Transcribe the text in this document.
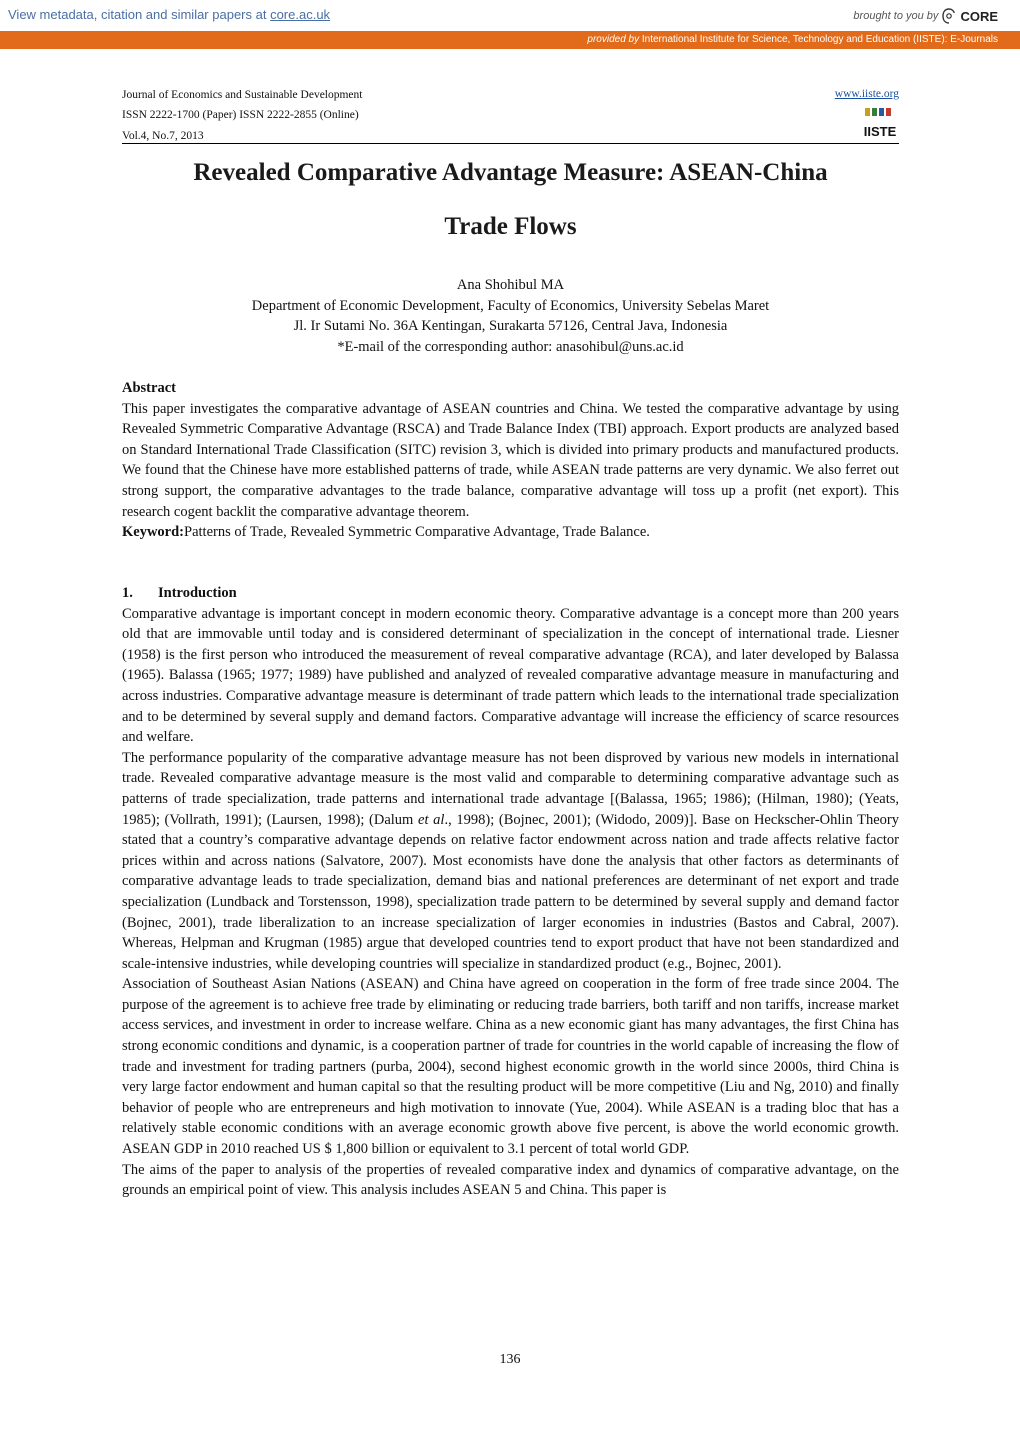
View metadata, citation and similar papers at core.ac.uk	brought to you by CORE
provided by International Institute for Science, Technology and Education (IISTE): E-Journals
Journal of Economics and Sustainable Development
ISSN 2222-1700 (Paper) ISSN 2222-2855 (Online)
Vol.4, No.7, 2013
www.iiste.org
IISTE
Revealed Comparative Advantage Measure: ASEAN-China
Trade Flows
Ana Shohibul MA
Department of Economic Development, Faculty of Economics, University Sebelas Maret
Jl. Ir Sutami No. 36A Kentingan, Surakarta 57126, Central Java, Indonesia
*E-mail of the corresponding author: anasohibul@uns.ac.id

Abstract

This paper investigates the comparative advantage of ASEAN countries and China. We tested the comparative advantage by using Revealed Symmetric Comparative Advantage (RSCA) and Trade Balance Index (TBI) approach. Export products are analyzed based on Standard International Trade Classification (SITC) revision 3, which is divided into primary products and manufactured products. We found that the Chinese have more established patterns of trade, while ASEAN trade patterns are very dynamic. We also ferret out strong support, the comparative advantages to the trade balance, comparative advantage will toss up a profit (net export). This research cogent backlit the comparative advantage theorem.

Keyword:Patterns of Trade, Revealed Symmetric Comparative Advantage, Trade Balance.

1. Introduction

Comparative advantage is important concept in modern economic theory. Comparative advantage is a concept more than 200 years old that are immovable until today and is considered determinant of specialization in the concept of international trade. Liesner (1958) is the first person who introduced the measurement of reveal comparative advantage (RCA), and later developed by Balassa (1965). Balassa (1965; 1977; 1989) have published and analyzed of revealed comparative advantage measure in manufacturing and across industries. Comparative advantage measure is determinant of trade pattern which leads to the international trade specialization and to be determined by several supply and demand factors. Comparative advantage will increase the efficiency of scarce resources and welfare.

The performance popularity of the comparative advantage measure has not been disproved by various new models in international trade. Revealed comparative advantage measure is the most valid and comparable to determining comparative advantage such as patterns of trade specialization, trade patterns and international trade advantage [(Balassa, 1965; 1986); (Hilman, 1980); (Yeats, 1985); (Vollrath, 1991); (Laursen, 1998); (Dalum et al., 1998); (Bojnec, 2001); (Widodo, 2009)]. Base on Heckscher-Ohlin Theory stated that a country’s comparative advantage depends on relative factor endowment across nation and trade affects relative factor prices within and across nations (Salvatore, 2007). Most economists have done the analysis that other factors as determinants of comparative advantage leads to trade specialization, demand bias and national preferences are determinant of net export and trade specialization (Lundback and Torstensson, 1998), specialization trade pattern to be determined by several supply and demand factor (Bojnec, 2001), trade liberalization to an increase specialization of larger economies in industries (Bastos and Cabral, 2007). Whereas, Helpman and Krugman (1985) argue that developed countries tend to export product that have not been standardized and scale-intensive industries, while developing countries will specialize in standardized product (e.g., Bojnec, 2001).

Association of Southeast Asian Nations (ASEAN) and China have agreed on cooperation in the form of free trade since 2004. The purpose of the agreement is to achieve free trade by eliminating or reducing trade barriers, both tariff and non tariffs, increase market access services, and investment in order to increase welfare. China as a new economic giant has many advantages, the first China has strong economic conditions and dynamic, is a cooperation partner of trade for countries in the world capable of increasing the flow of trade and investment for trading partners (purba, 2004), second highest economic growth in the world since 2000s, third China is very large factor endowment and human capital so that the resulting product will be more competitive (Liu and Ng, 2010) and finally behavior of people who are entrepreneurs and high motivation to innovate (Yue, 2004). While ASEAN is a trading bloc that has a relatively stable economic conditions with an average economic growth above five percent, is above the world economic growth. ASEAN GDP in 2010 reached US $ 1,800 billion or equivalent to 3.1 percent of total world GDP.

The aims of the paper to analysis of the properties of revealed comparative index and dynamics of comparative advantage, on the grounds an empirical point of view. This analysis includes ASEAN 5 and China. This paper is

136
